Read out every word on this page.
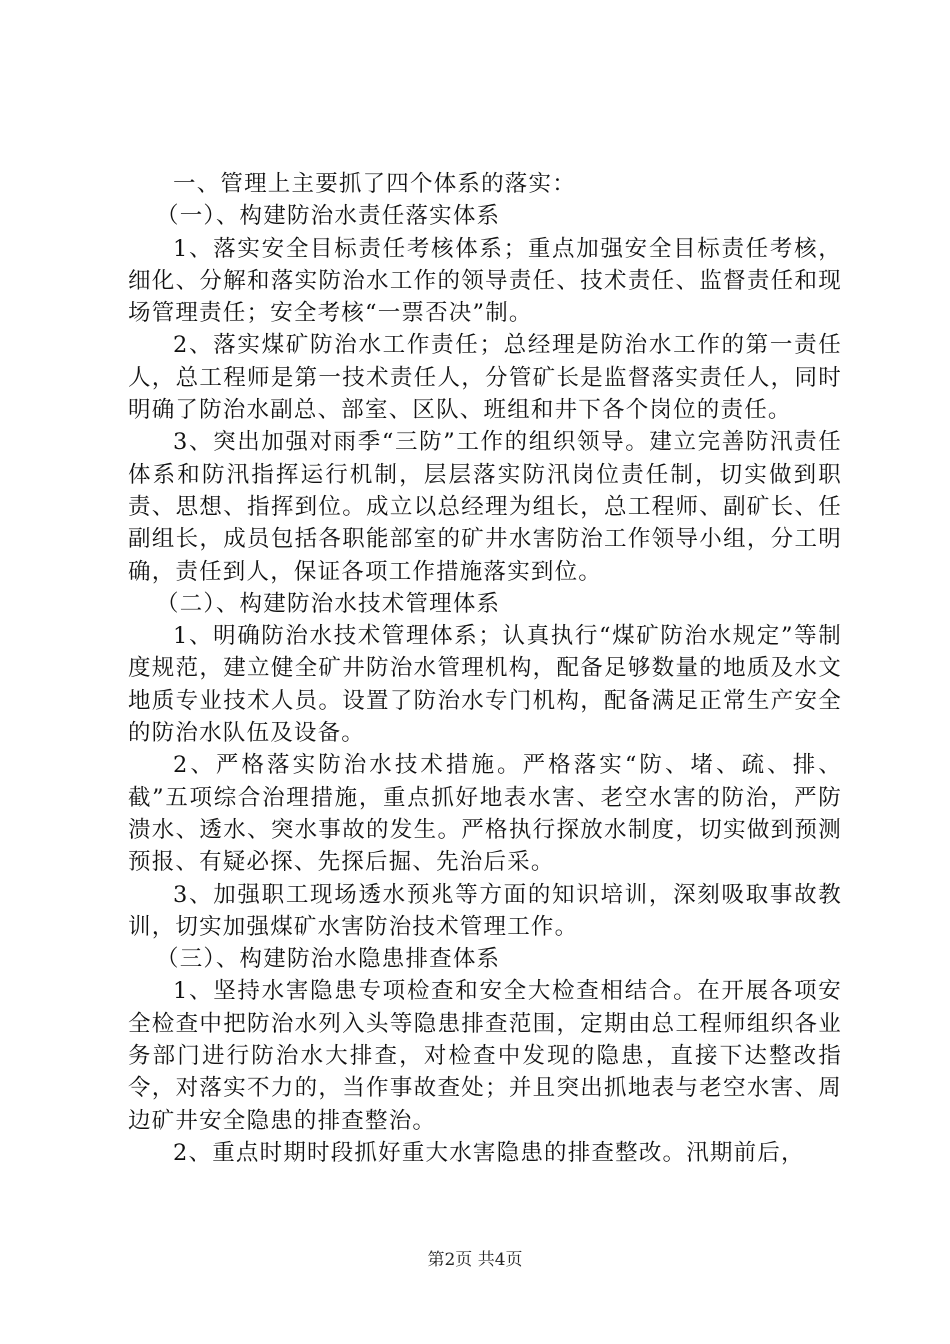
一、管理上主要抓了四个体系的落实：

（一）、构建防治水责任落实体系

1、落实安全目标责任考核体系；重点加强安全目标责任考核，细化、分解和落实防治水工作的领导责任、技术责任、监督责任和现场管理责任；安全考核“一票否决”制。

2、落实煤矿防治水工作责任；总经理是防治水工作的第一责任人，总工程师是第一技术责任人，分管矿长是监督落实责任人，同时明确了防治水副总、部室、区队、班组和井下各个岗位的责任。

3、突出加强对雨季“三防”工作的组织领导。建立完善防汛责任体系和防汛指挥运行机制，层层落实防汛岗位责任制，切实做到职责、思想、指挥到位。成立以总经理为组长，总工程师、副矿长、任副组长，成员包括各职能部室的矿井水害防治工作领导小组，分工明确，责任到人，保证各项工作措施落实到位。

（二）、构建防治水技术管理体系

1、明确防治水技术管理体系；认真执行“煤矿防治水规定”等制度规范，建立健全矿井防治水管理机构，配备足够数量的地质及水文地质专业技术人员。设置了防治水专门机构，配备满足正常生产安全的防治水队伍及设备。

2、严格落实防治水技术措施。严格落实“防、堵、疏、排、截”五项综合治理措施，重点抓好地表水害、老空水害的防治，严防溃水、透水、突水事故的发生。严格执行探放水制度，切实做到预测预报、有疑必探、先探后掘、先治后采。

3、加强职工现场透水预兆等方面的知识培训，深刻吸取事故教训，切实加强煤矿水害防治技术管理工作。

（三）、构建防治水隐患排查体系

1、坚持水害隐患专项检查和安全大检查相结合。在开展各项安全检查中把防治水列入头等隐患排查范围，定期由总工程师组织各业务部门进行防治水大排查，对检查中发现的隐患，直接下达整改指令，对落实不力的，当作事故查处；并且突出抓地表与老空水害、周边矿井安全隐患的排查整治。

2、重点时期时段抓好重大水害隐患的排查整改。汛期前后，

第2页 共4页
